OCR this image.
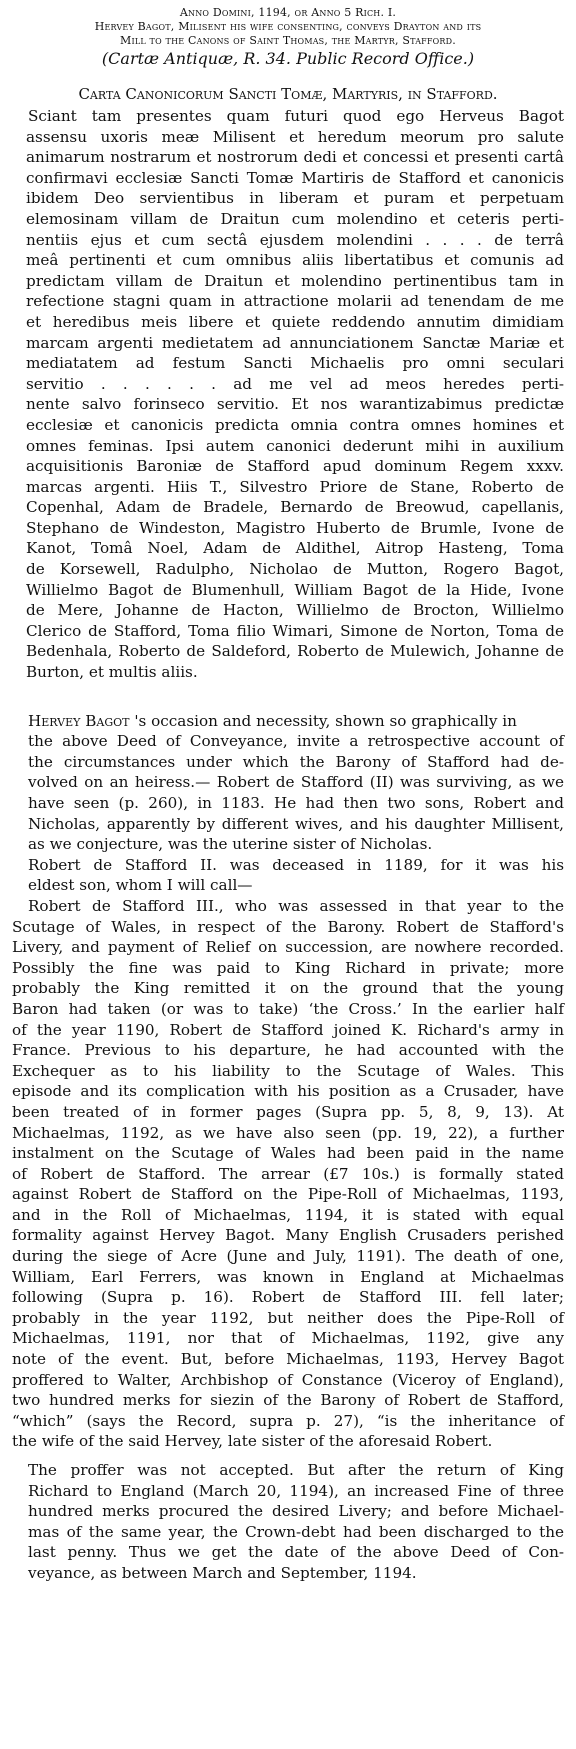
Anno Domini, 1194, or Anno 5 Rich. I.
Hervey Bagot, Milisent his wife consenting, conveys Drayton and its
Mill to the Canons of Saint Thomas, the Martyr, Stafford.
(Cartæ Antiquæ, R. 34. Public Record Office.)
Carta Canonicorum Sancti Tomæ, Martyris, in Stafford.

Sciant tam presentes quam futuri quod ego Herveus Bagot
assensu uxoris meæ Milisent et heredum meorum pro salute
animarum nostrarum et nostrorum dedi et concessi et presenti cartâ
confirmavi ecclesiæ Sancti Tomæ Martiris de Stafford et canonicis
ibidem Deo servientibus in liberam et puram et perpetuam
elemosinam villam de Draitun cum molendino et ceteris perti-
nentiis ejus et cum sectâ ejusdem molendini . . . . de terrâ
meâ pertinenti et cum omnibus aliis libertatibus et comunis ad
predictam villam de Draitun et molendino pertinentibus tam in
refectione stagni quam in attractione molarii ad tenendam de me
et heredibus meis libere et quiete reddendo annutim dimidiam
marcam argenti medietatem ad annunciationem Sanctæ Mariæ et
mediatatem ad festum Sancti Michaelis pro omni seculari
servitio . . . . . . ad me vel ad meos heredes perti-
nente salvo forinseco servitio. Et nos warantizabimus predictæ
ecclesiæ et canonicis predicta omnia contra omnes homines et
omnes feminas. Ipsi autem canonici dederunt mihi in auxilium
acquisitionis Baroniæ de Stafford apud dominum Regem xxxv.
marcas argenti. Hiis T., Silvestro Priore de Stane, Roberto de
Copenhal, Adam de Bradele, Bernardo de Breowud, capellanis,
Stephano de Windeston, Magistro Huberto de Brumle, Ivone de
Kanot, Tomâ Noel, Adam de Aldithel, Aitrop Hasteng, Toma
de Korsewell, Radulpho, Nicholao de Mutton, Rogero Bagot,
Willielmo Bagot de Blumenhull, William Bagot de la Hide, Ivone
de Mere, Johanne de Hacton, Willielmo de Brocton, Willielmo
Clerico de Stafford, Toma filio Wimari, Simone de Norton, Toma de
Bedenhala, Roberto de Saldeford, Roberto de Mulewich, Johanne de
Burton, et multis aliis.

Hervey Bagot 's occasion and necessity, shown so graphically in

the above Deed of Conveyance, invite a retrospective account of
the circumstances under which the Barony of Stafford had de-
volved on an heiress.— Robert de Stafford (II) was surviving, as we
have seen (p. 260), in 1183. He had then two sons, Robert and
Nicholas, apparently by different wives, and his daughter Millisent,
as we conjecture, was the uterine sister of Nicholas.

Robert de Stafford II. was deceased in 1189, for it was his
eldest son, whom I will call—

Robert de Stafford III., who was assessed in that year to the
Scutage of Wales, in respect of the Barony. Robert de Stafford's
Livery, and payment of Relief on succession, are nowhere recorded.
Possibly the fine was paid to King Richard in private; more
probably the King remitted it on the ground that the young
Baron had taken (or was to take) ‘the Cross.’ In the earlier half
of the year 1190, Robert de Stafford joined K. Richard's army in
France. Previous to his departure, he had accounted with the
Exchequer as to his liability to the Scutage of Wales. This
episode and its complication with his position as a Crusader, have
been treated of in former pages (Supra pp. 5, 8, 9, 13). At
Michaelmas, 1192, as we have also seen (pp. 19, 22), a further
instalment on the Scutage of Wales had been paid in the name
of Robert de Stafford. The arrear (£7 10s.) is formally stated
against Robert de Stafford on the Pipe-Roll of Michaelmas, 1193,
and in the Roll of Michaelmas, 1194, it is stated with equal
formality against Hervey Bagot. Many English Crusaders perished
during the siege of Acre (June and July, 1191). The death of one,
William, Earl Ferrers, was known in England at Michaelmas
following (Supra p. 16). Robert de Stafford III. fell later;
probably in the year 1192, but neither does the Pipe-Roll of
Michaelmas, 1191, nor that of Michaelmas, 1192, give any
note of the event. But, before Michaelmas, 1193, Hervey Bagot
proffered to Walter, Archbishop of Constance (Viceroy of England),
two hundred merks for siezin of the Barony of Robert de Stafford,
“which” (says the Record, supra p. 27), “is the inheritance of
the wife of the said Hervey, late sister of the aforesaid Robert.

The proffer was not accepted. But after the return of King
Richard to England (March 20, 1194), an increased Fine of three
hundred merks procured the desired Livery; and before Michael-
mas of the same year, the Crown-debt had been discharged to the
last penny. Thus we get the date of the above Deed of Con-
veyance, as between March and September, 1194.
